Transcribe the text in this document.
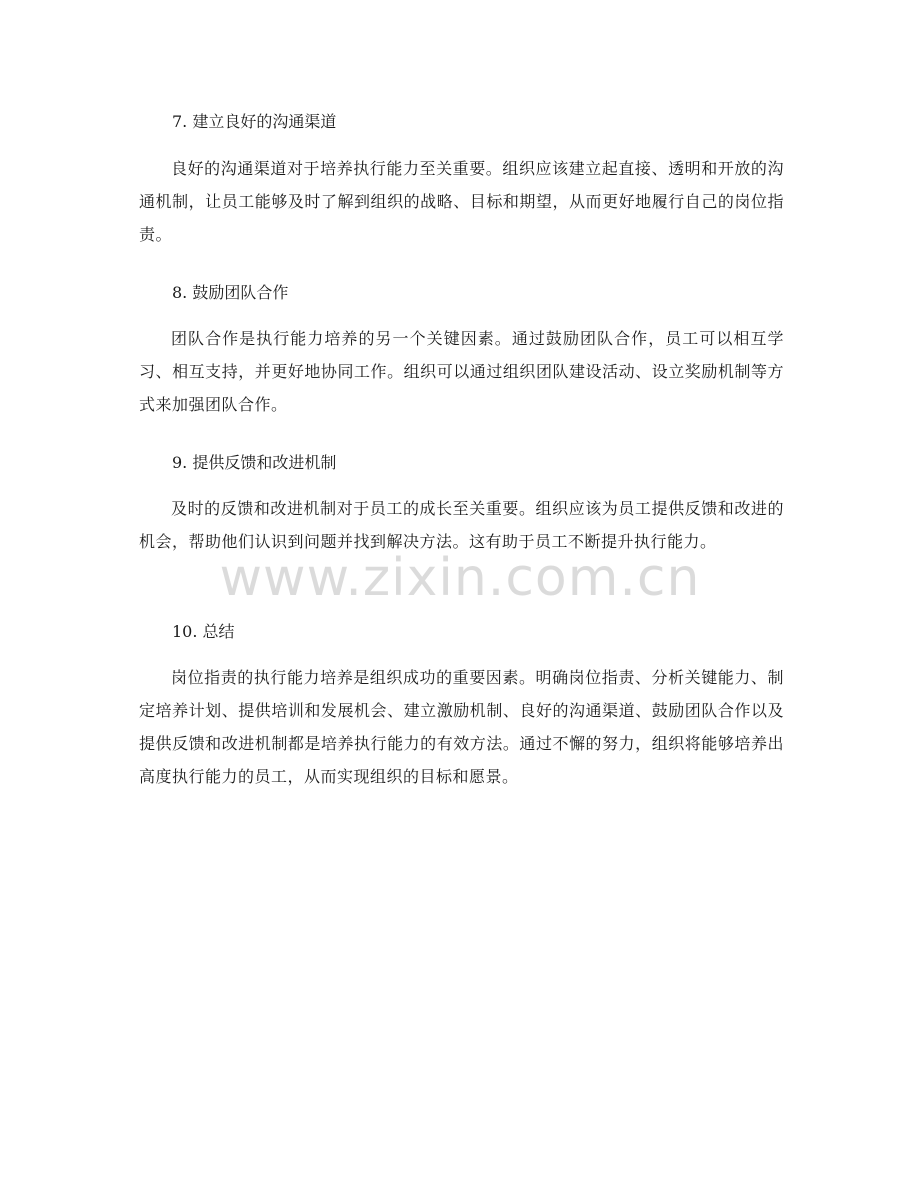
7. 建立良好的沟通渠道
良好的沟通渠道对于培养执行能力至关重要。组织应该建立起直接、透明和开放的沟通机制，让员工能够及时了解到组织的战略、目标和期望，从而更好地履行自己的岗位指责。
8. 鼓励团队合作
团队合作是执行能力培养的另一个关键因素。通过鼓励团队合作，员工可以相互学习、相互支持，并更好地协同工作。组织可以通过组织团队建设活动、设立奖励机制等方式来加强团队合作。
9. 提供反馈和改进机制
及时的反馈和改进机制对于员工的成长至关重要。组织应该为员工提供反馈和改进的机会，帮助他们认识到问题并找到解决方法。这有助于员工不断提升执行能力。
10. 总结
岗位指责的执行能力培养是组织成功的重要因素。明确岗位指责、分析关键能力、制定培养计划、提供培训和发展机会、建立激励机制、良好的沟通渠道、鼓励团队合作以及提供反馈和改进机制都是培养执行能力的有效方法。通过不懈的努力，组织将能够培养出高度执行能力的员工，从而实现组织的目标和愿景。
www.zixin.com.cn
